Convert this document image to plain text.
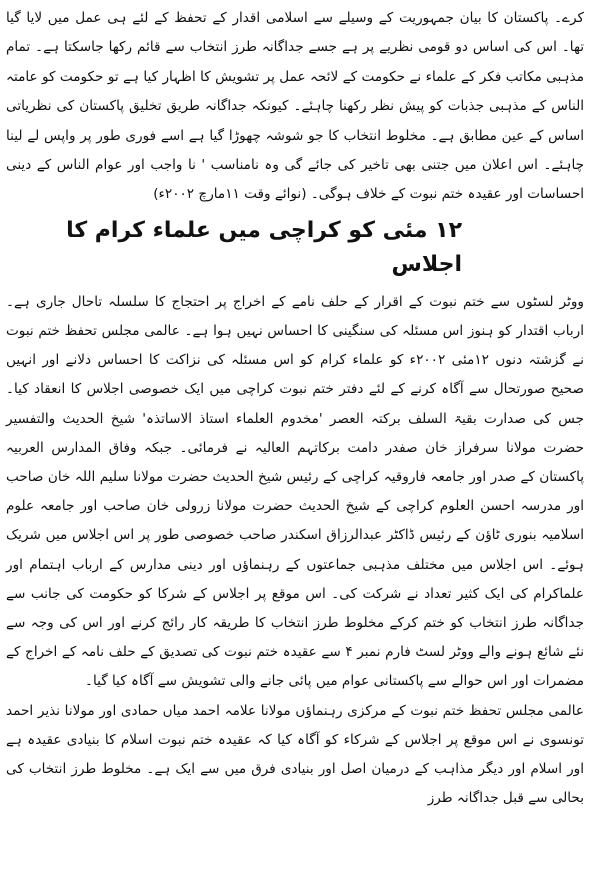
کرے۔ پاکستان کا بیان جمہوریت کے وسیلے سے اسلامی اقدار کے تحفظ کے لئے ہی عمل میں لایا گیا تھا۔ اس کی اساس دو قومی نظریے پر ہے جسے جداگانہ طرز انتخاب سے قائم رکھا جاسکتا ہے۔ تمام مذہبی مکاتب فکر کے علماء نے حکومت کے لائحہ عمل پر تشویش کا اظہار کیا ہے تو حکومت کو عامتہ الناس کے مذہبی جذبات کو پیش نظر رکھنا چاہئے۔ کیونکہ جداگانہ طریق تخلیق پاکستان کی نظریاتی اساس کے عین مطابق ہے۔ مخلوط انتخاب کا جو شوشہ چھوڑا گیا ہے اسے فوری طور پر واپس لے لینا چاہئے۔ اس اعلان میں جتنی بھی تاخیر کی جائے گی وہ نامناسب ' نا واجب اور عوام الناس کے دینی احساسات اور عقیدہ ختم نبوت کے خلاف ہوگی۔ (نوائے وقت ۱۱مارچ ۲۰۰۲ء)

۱۲ مئی کو کراچی میں علماء کرام کا اجلاس

ووٹر لسٹوں سے ختم نبوت کے اقرار کے حلف نامے کے اخراج پر احتجاج کا سلسلہ تاحال جاری ہے۔ ارباب اقتدار کو ہنوز اس مسئلہ کی سنگینی کا احساس نہیں ہوا ہے۔ عالمی مجلس تحفظ ختم نبوت نے گزشتہ دنوں ۱۲مئی ۲۰۰۲ء کو علماء کرام کو اس مسئلہ کی نزاکت کا احساس دلانے اور انہیں صحیح صورتحال سے آگاہ کرنے کے لئے دفتر ختم نبوت کراچی میں ایک خصوصی اجلاس کا انعقاد کیا۔ جس کی صدارت بقیۃ السلف برکتہ العصر 'مخدوم العلماء استاذ الاساتذہ' شیخ الحدیث والتفسیر حضرت مولانا سرفراز خان صفدر دامت برکاتہم العالیہ نے فرمائی۔ جبکہ وفاق المدارس العربیہ پاکستان کے صدر اور جامعہ فاروقیہ کراچی کے رئیس شیخ الحدیث حضرت مولانا سلیم اللہ خان صاحب اور مدرسہ احسن العلوم کراچی کے شیخ الحدیث حضرت مولانا زرولی خان صاحب اور جامعہ علوم اسلامیہ بنوری ٹاؤن کے رئیس ڈاکٹر عبدالرزاق اسکندر صاحب خصوصی طور پر اس اجلاس میں شریک ہوئے۔ اس اجلاس میں مختلف مذہبی جماعتوں کے رہنماؤں اور دینی مدارس کے ارباب اہتمام اور علماکرام کی ایک کثیر تعداد نے شرکت کی۔ اس موقع پر اجلاس کے شرکا کو حکومت کی جانب سے جداگانہ طرز انتخاب کو ختم کرکے مخلوط طرز انتخاب کا طریقہ کار رائج کرنے اور اس کی وجہ سے نئے شائع ہونے والے ووٹر لسٹ فارم نمبر ۴ سے عقیدہ ختم نبوت کی تصدیق کے حلف نامہ کے اخراج کے مضمرات اور اس حوالے سے پاکستانی عوام میں پائی جانے والی تشویش سے آگاہ کیا گیا۔

عالمی مجلس تحفظ ختم نبوت کے مرکزی رہنماؤں مولانا علامہ احمد میاں حمادی اور مولانا نذیر احمد تونسوی نے اس موقع پر اجلاس کے شرکاء کو آگاہ کیا کہ عقیدہ ختم نبوت اسلام کا بنیادی عقیدہ ہے اور اسلام اور دیگر مذاہب کے درمیان اصل اور بنیادی فرق میں سے ایک ہے۔ مخلوط طرز انتخاب کی بحالی سے قبل جداگانہ طرز
